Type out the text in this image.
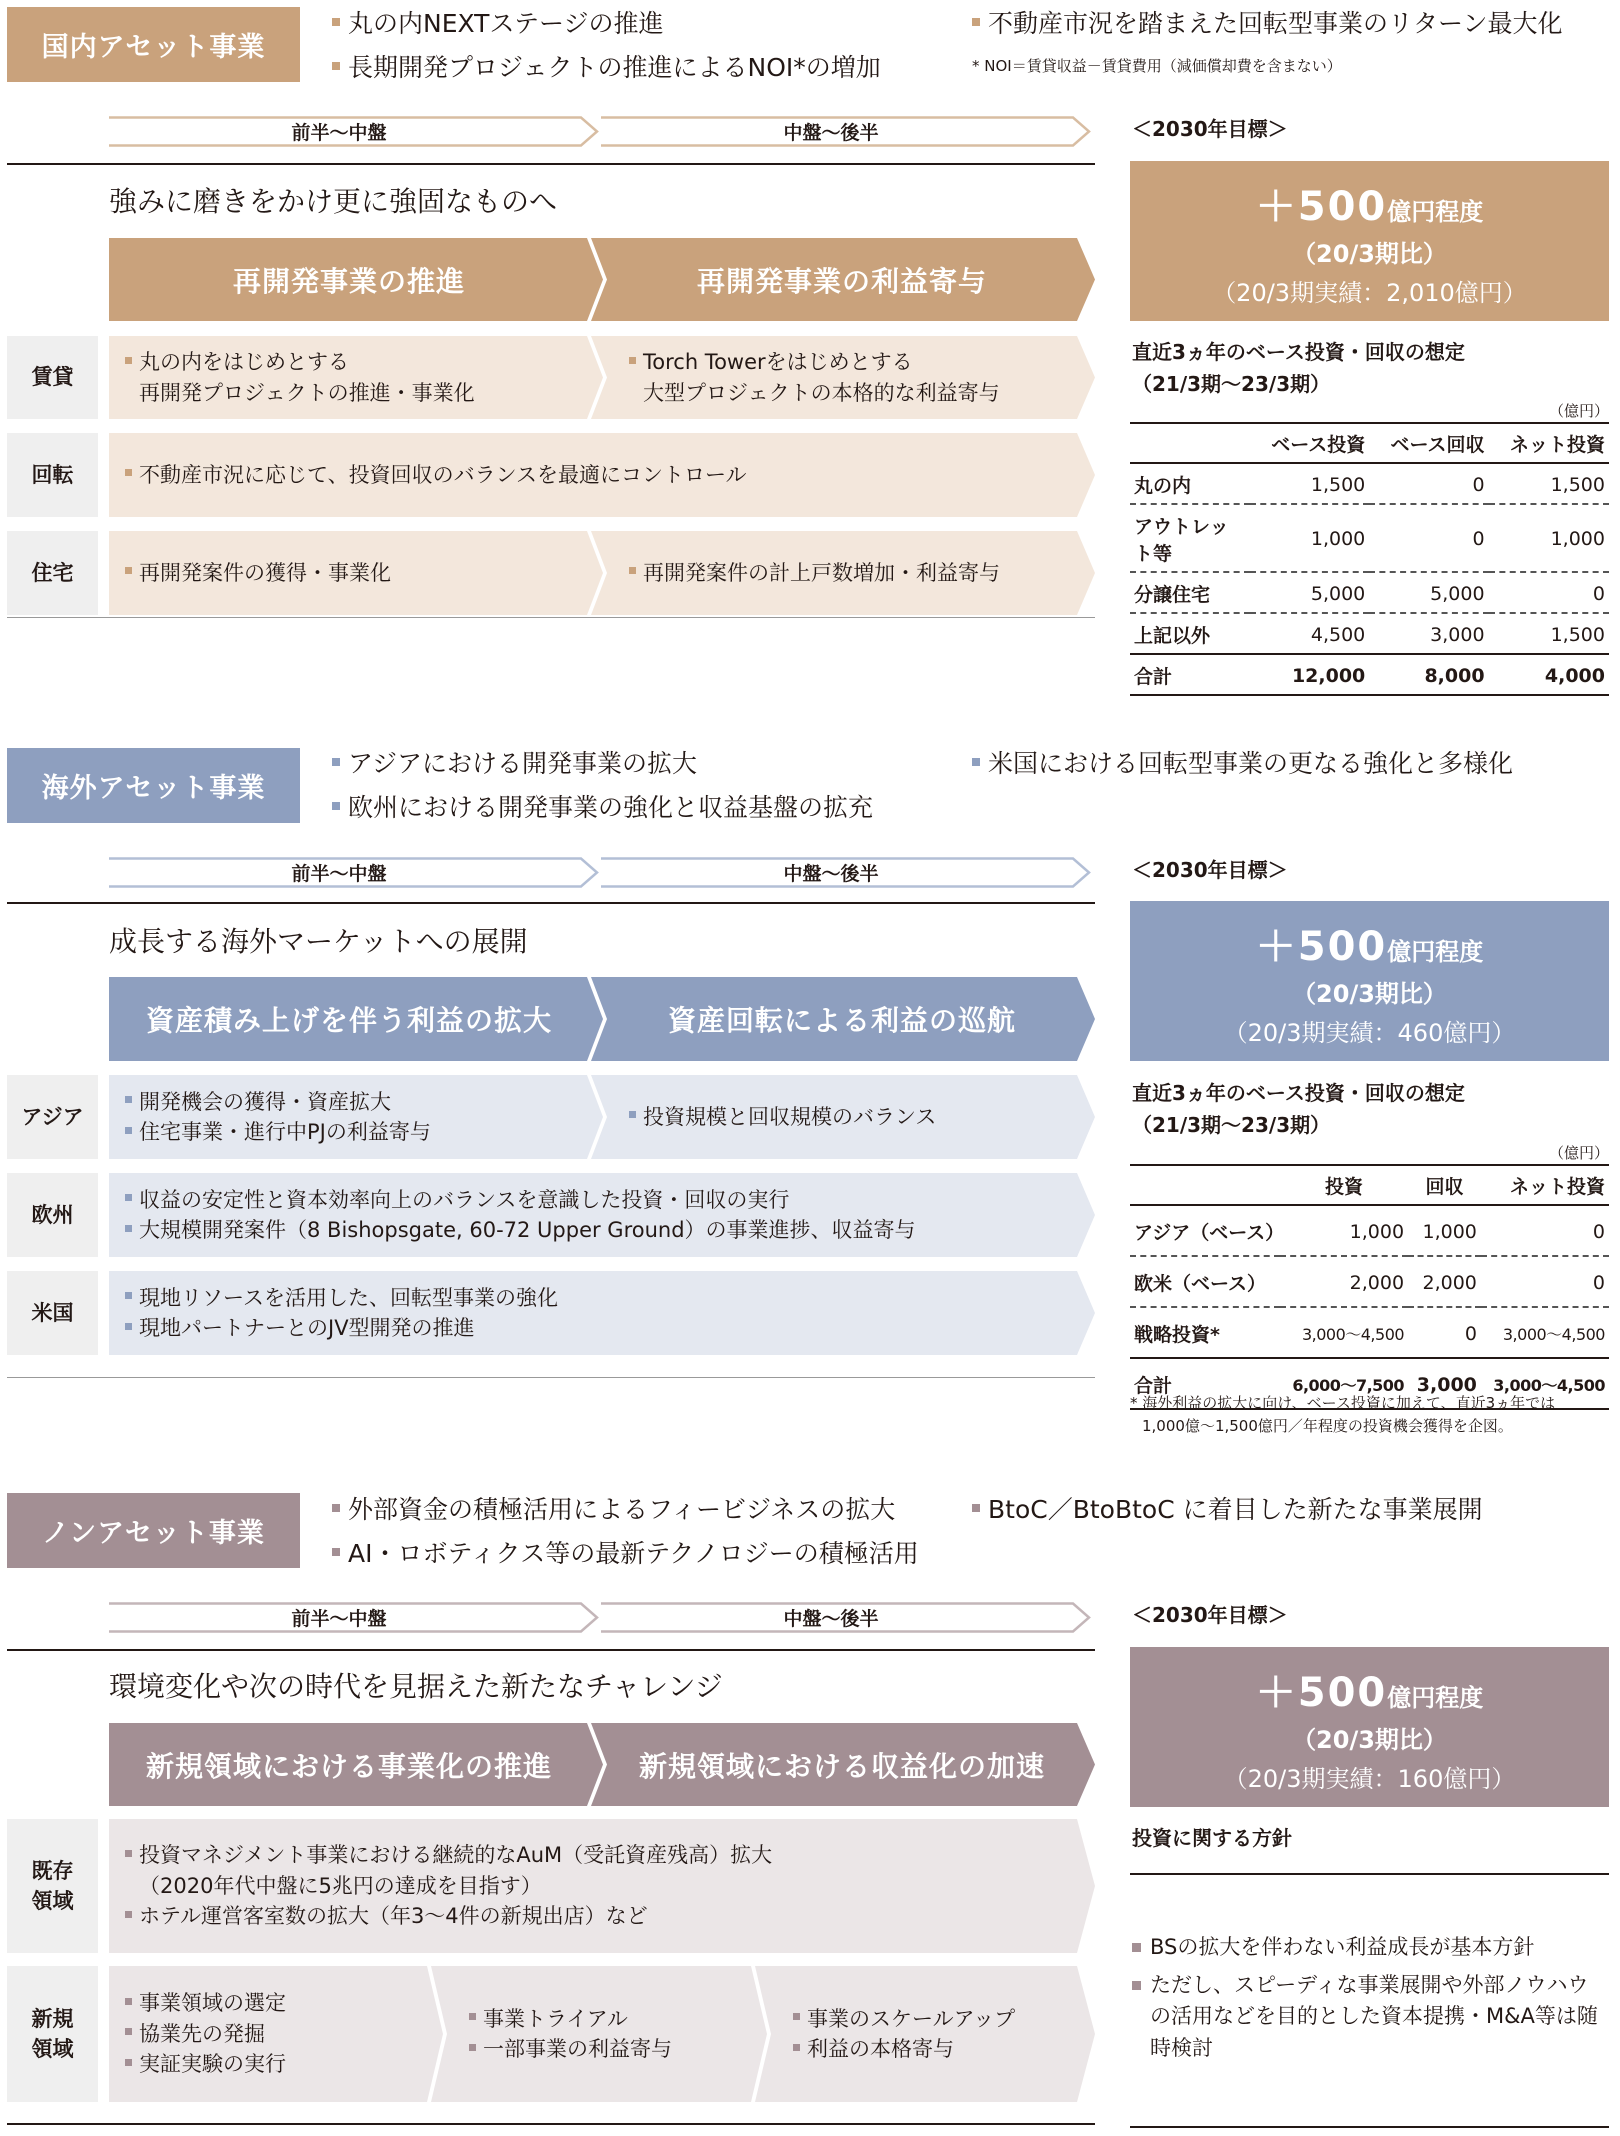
国内アセット事業
丸の内NEXTステージの推進
長期開発プロジェクトの推進によるNOI*の増加
不動産市況を踏まえた回転型事業のリターン最大化
* NOI＝賃貸収益－賃貸費用（減価償却費を含まない）
前半～中盤	中盤～後半	＜2030年目標＞
強みに磨きをかけ更に強固なものへ
再開発事業の推進	再開発事業の利益寄与
賃貸
丸の内をはじめとする
再開発プロジェクトの推進・事業化
Torch Towerをはじめとする
大型プロジェクトの本格的な利益寄与
回転	不動産市況に応じて、投資回収のバランスを最適にコントロール
住宅	再開発案件の獲得・事業化	再開発案件の計上戸数増加・利益寄与
＋500億円程度
（20/3期比）
（20/3期実績：2,010億円）
直近3ヵ年のベース投資・回収の想定
（21/3期～23/3期）
（億円）
	ベース投資	ベース回収	ネット投資
丸の内	1,500	0	1,500
アウトレット等	1,000	0	1,000
分譲住宅	5,000	5,000	0
上記以外	4,500	3,000	1,500
合計	12,000	8,000	4,000
海外アセット事業
アジアにおける開発事業の拡大
欧州における開発事業の強化と収益基盤の拡充
米国における回転型事業の更なる強化と多様化
前半～中盤	中盤～後半	＜2030年目標＞
成長する海外マーケットへの展開
資産積み上げを伴う利益の拡大	資産回転による利益の巡航
アジア
開発機会の獲得・資産拡大
住宅事業・進行中PJの利益寄与
投資規模と回収規模のバランス
欧州
収益の安定性と資本効率向上のバランスを意識した投資・回収の実行
大規模開発案件（8 Bishopsgate, 60-72 Upper Ground）の事業進捗、収益寄与
米国
現地リソースを活用した、回転型事業の強化
現地パートナーとのJV型開発の推進
＋500億円程度
（20/3期比）
（20/3期実績：460億円）
直近3ヵ年のベース投資・回収の想定
（21/3期～23/3期）
（億円）
	投資	回収	ネット投資
アジア（ベース）	1,000	1,000	0
欧米（ベース）	2,000	2,000	0
戦略投資*	3,000～4,500	0	3,000～4,500
合計	6,000～7,500	3,000	3,000～4,500
* 海外利益の拡大に向け、ベース投資に加えて、直近3ヵ年では
1,000億～1,500億円／年程度の投資機会獲得を企図。
ノンアセット事業
外部資金の積極活用によるフィービジネスの拡大
AI・ロボティクス等の最新テクノロジーの積極活用
BtoC／BtoBtoC に着目した新たな事業展開
前半～中盤	中盤～後半	＜2030年目標＞
環境変化や次の時代を見据えた新たなチャレンジ
新規領域における事業化の推進	新規領域における収益化の加速
既存
領域
投資マネジメント事業における継続的なAuM（受託資産残高）拡大
（2020年代中盤に5兆円の達成を目指す）
ホテル運営客室数の拡大（年3～4件の新規出店）など
新規
領域
事業領域の選定
協業先の発掘
実証実験の実行
事業トライアル
一部事業の利益寄与
事業のスケールアップ
利益の本格寄与
＋500億円程度
（20/3期比）
（20/3期実績：160億円）
投資に関する方針
BSの拡大を伴わない利益成長が基本方針
ただし、スピーディな事業展開や外部ノウハウの活用などを目的とした資本提携・M&A等は随時検討
